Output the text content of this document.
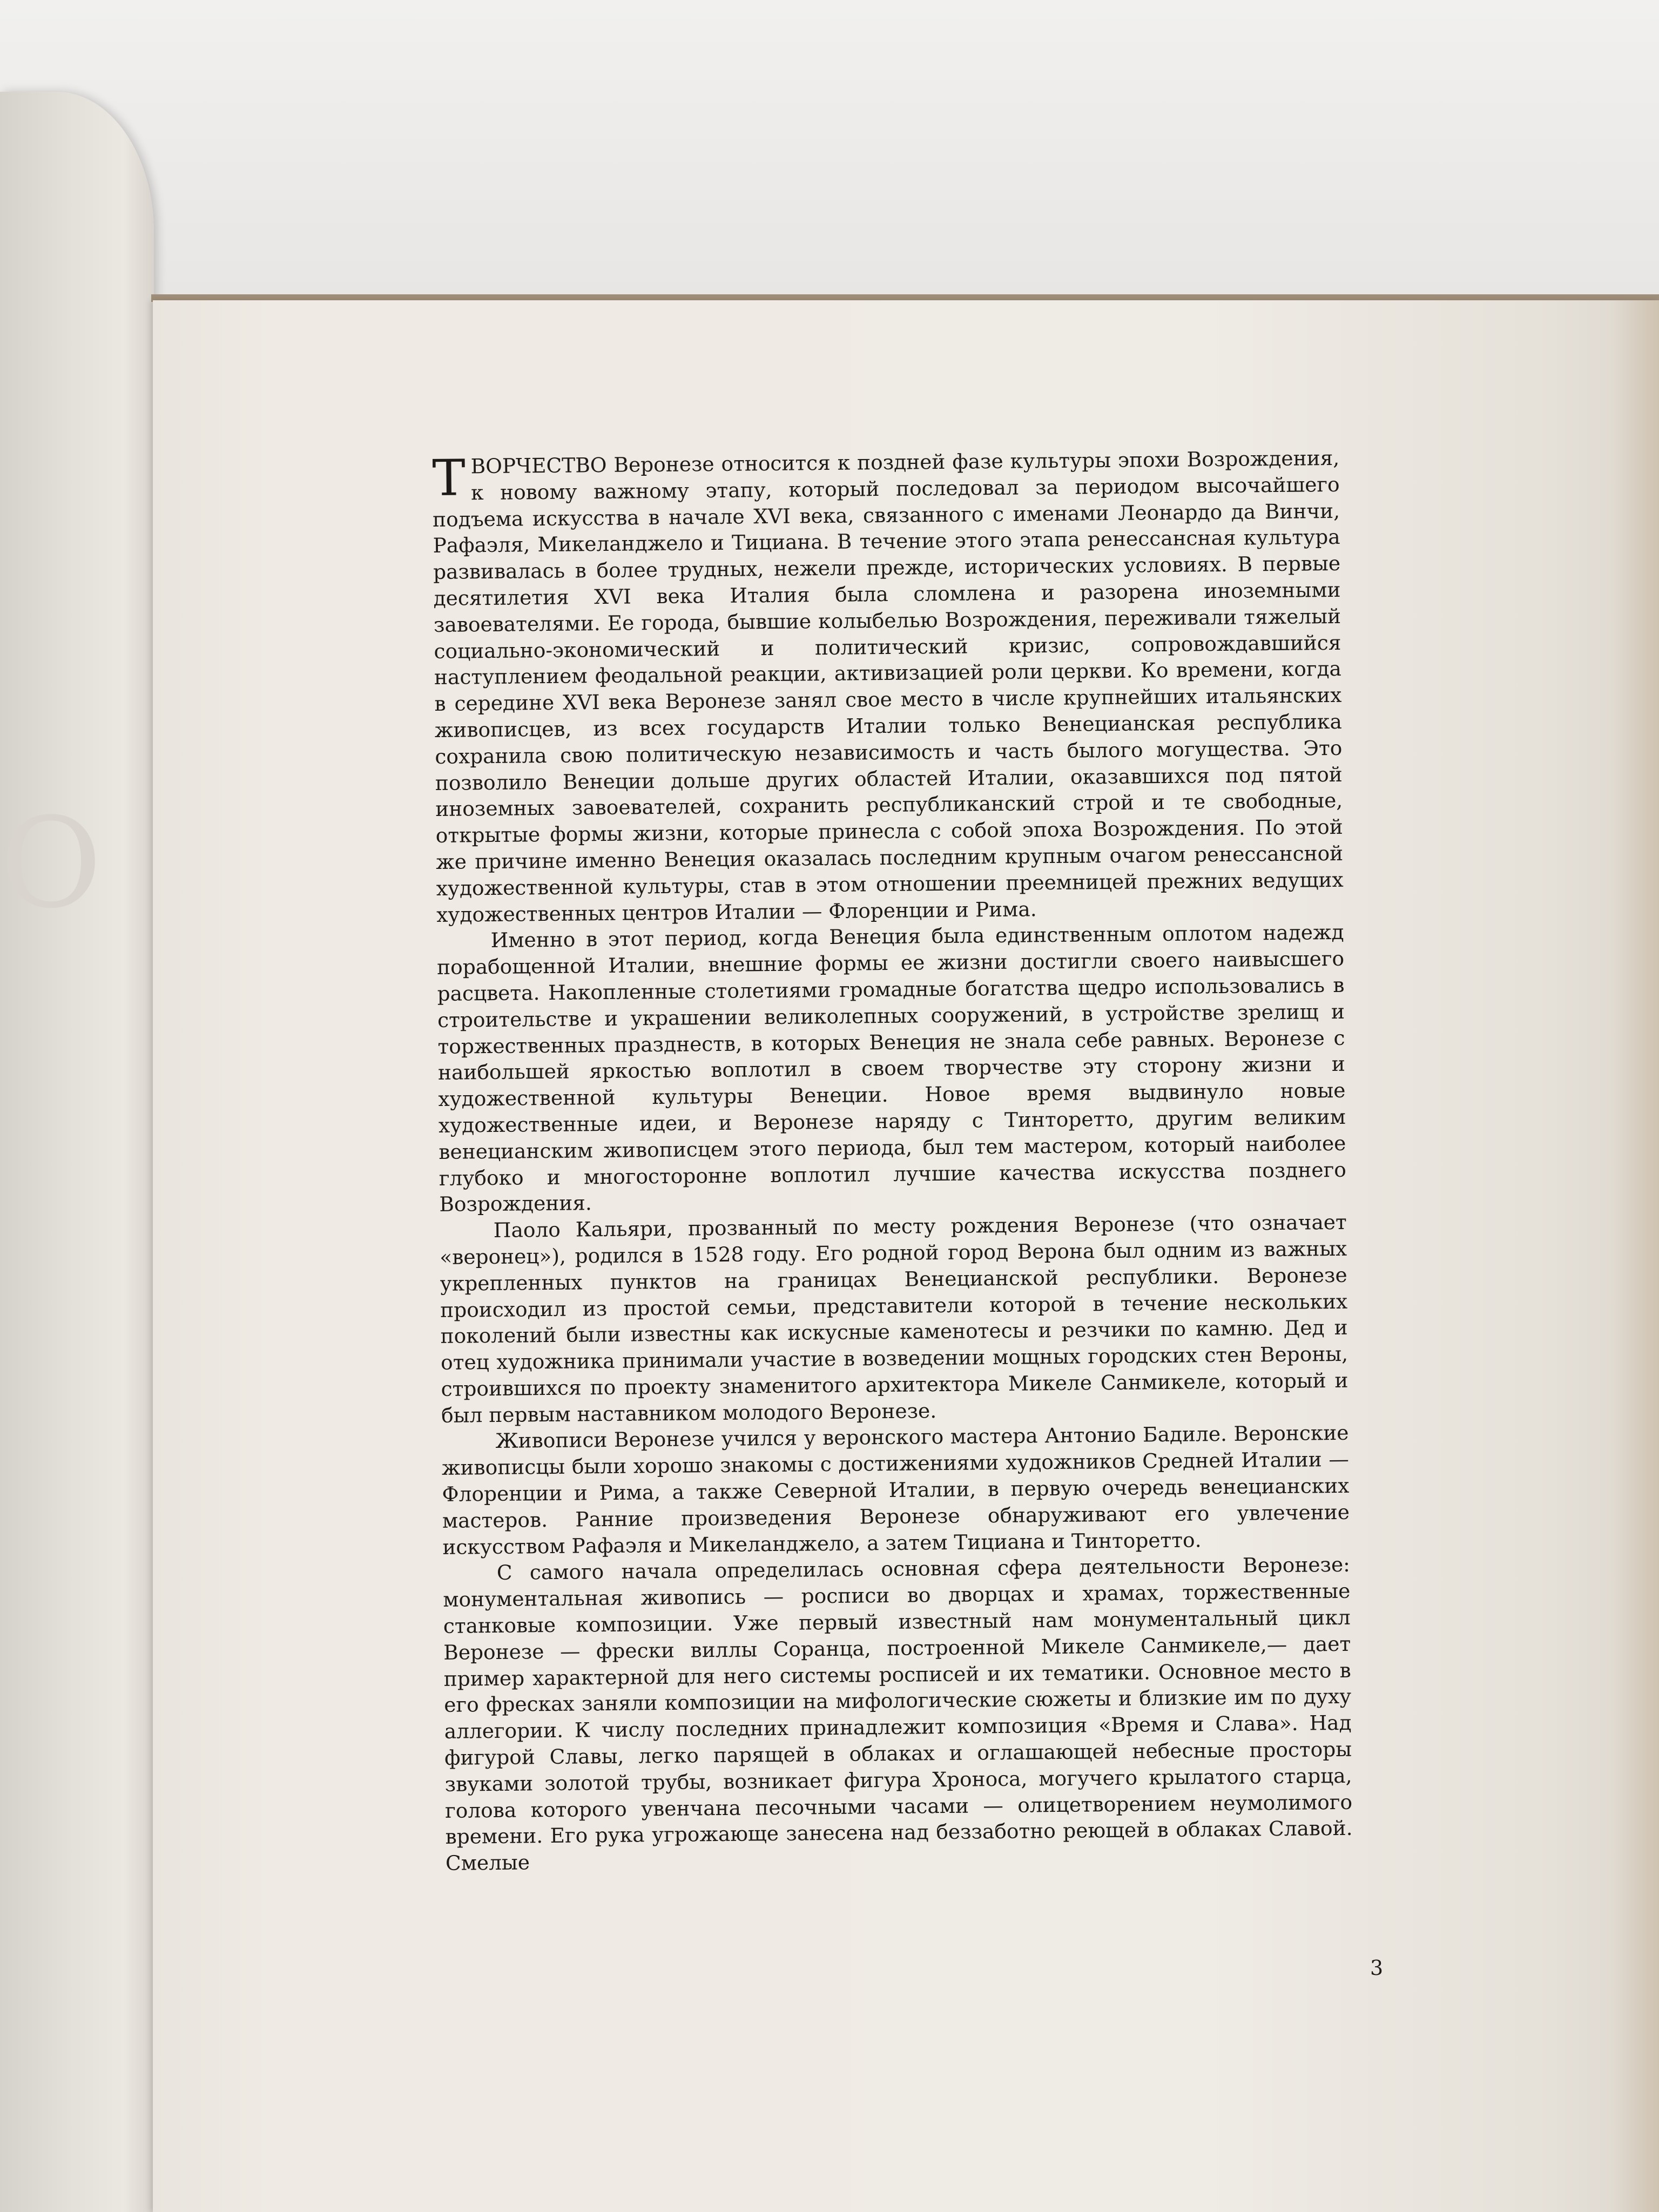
О

ТВОРЧЕСТВО Веронезе относится к поздней фазе культуры эпохи Возрождения, к новому важному этапу, который последовал за периодом высочайшего подъема искусства в начале XVI века, связанного с именами Леонардо да Винчи, Рафаэля, Микеланджело и Тициана. В течение этого этапа ренессансная культура развивалась в более трудных, нежели прежде, исторических условиях. В первые десятилетия XVI века Италия была сломлена и разорена иноземными завоевателями. Ее города, бывшие колыбелью Возрождения, переживали тяжелый социально-экономический и политический кризис, сопровождавшийся наступлением феодальной реакции, активизацией роли церкви. Ко времени, когда в середине XVI века Веронезе занял свое место в числе крупнейших итальянских живописцев, из всех государств Италии только Венецианская республика сохранила свою политическую независимость и часть былого могущества. Это позволило Венеции дольше других областей Италии, оказавшихся под пятой иноземных завоевателей, сохранить республиканский строй и те свободные, открытые формы жизни, которые принесла с собой эпоха Возрождения. По этой же причине именно Венеция оказалась последним крупным очагом ренессансной художественной культуры, став в этом отношении преемницей прежних ведущих художественных центров Италии — Флоренции и Рима.

Именно в этот период, когда Венеция была единственным оплотом надежд порабощенной Италии, внешние формы ее жизни достигли своего наивысшего расцвета. Накопленные столетиями громадные богатства щедро использовались в строительстве и украшении великолепных сооружений, в устройстве зрелищ и торжественных празднеств, в которых Венеция не знала себе равных. Веронезе с наибольшей яркостью воплотил в своем творчестве эту сторону жизни и художественной культуры Венеции. Новое время выдвинуло новые художественные идеи, и Веронезе наряду с Тинторетто, другим великим венецианским живописцем этого периода, был тем мастером, который наиболее глубоко и многосторонне воплотил лучшие качества искусства позднего Возрождения.

Паоло Кальяри, прозванный по месту рождения Веронезе (что означает «веронец»), родился в 1528 году. Его родной город Верона был одним из важных укрепленных пунктов на границах Венецианской республики. Веронезе происходил из простой семьи, представители которой в течение нескольких поколений были известны как искусные каменотесы и резчики по камню. Дед и отец художника принимали участие в возведении мощных городских стен Вероны, строившихся по проекту знаменитого архитектора Микеле Санмикеле, который и был первым наставником молодого Веронезе.

Живописи Веронезе учился у веронского мастера Антонио Бадиле. Веронские живописцы были хорошо знакомы с достижениями художников Средней Италии — Флоренции и Рима, а также Северной Италии, в первую очередь венецианских мастеров. Ранние произведения Веронезе обнаруживают его увлечение искусством Рафаэля и Микеланджело, а затем Тициана и Тинторетто.

С самого начала определилась основная сфера деятельности Веронезе: монументальная живопись — росписи во дворцах и храмах, торжественные станковые композиции. Уже первый известный нам монументальный цикл Веронезе — фрески виллы Соранца, построенной Микеле Санмикеле,— дает пример характерной для него системы росписей и их тематики. Основное место в его фресках заняли композиции на мифологические сюжеты и близкие им по духу аллегории. К числу последних принадлежит композиция «Время и Слава». Над фигурой Славы, легко парящей в облаках и оглашающей небесные просторы звуками золотой трубы, возникает фигура Хроноса, могучего крылатого старца, голова которого увенчана песочными часами — олицетворением неумолимого времени. Его рука угрожающе занесена над беззаботно реющей в облаках Славой. Смелые

3
